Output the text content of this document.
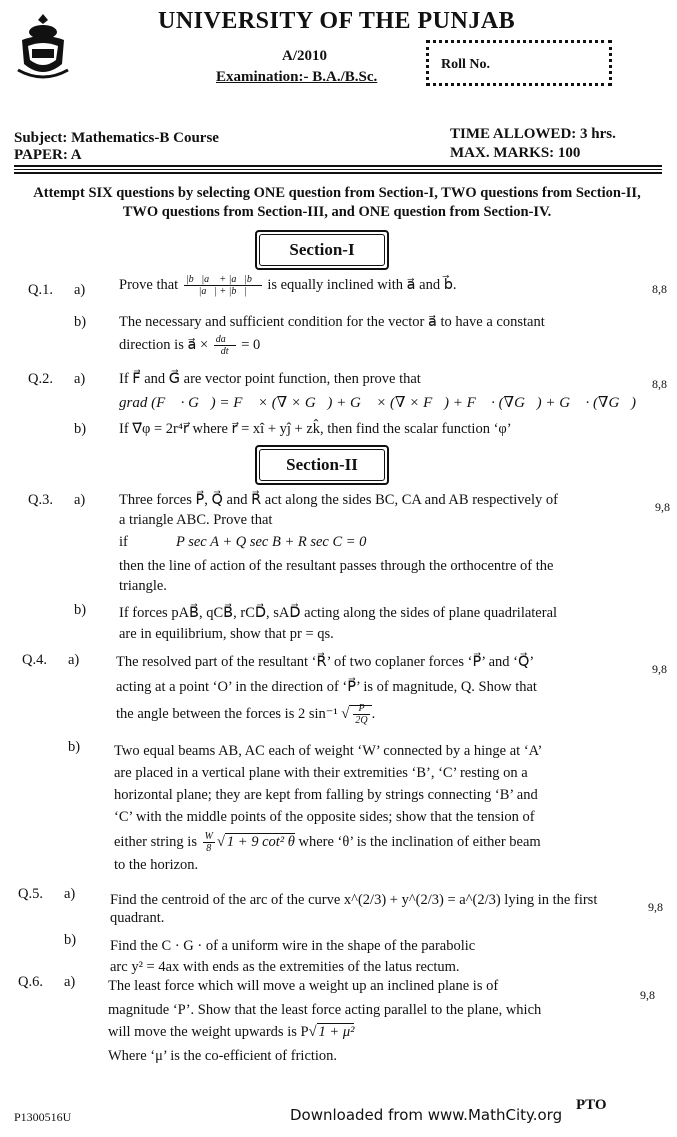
UNIVERSITY OF THE PUNJAB
A/2010
Examination:- B.A./B.Sc.
Roll No.
Subject: Mathematics-B Course
PAPER: A
TIME ALLOWED: 3 hrs.
MAX. MARKS: 100
Attempt SIX questions by selecting ONE question from Section-I, TWO questions from Section-II, TWO questions from Section-III, and ONE question from Section-IV.
Section-I
Q.1. a) Prove that $\frac{|b⃗|a⃗ + |a⃗|b⃗}{|a⃗| + |b⃗|}$ is equally inclined with a⃗ and b⃗.	8,8
b) The necessary and sufficient condition for the vector a⃗ to have a constant
direction is a⃗ × $\frac{da⃗}{dt} = 0$
Q.2. a) If F⃗ and G⃗ are vector point function, then prove that
grad (F⃗ · G⃗) = F⃗ × (∇ × G⃗) + G⃗ × (∇ × F⃗) + F⃗ · (∇G⃗) + G⃗ · (∇G⃗)
8,8
b) If ∇⃗φ = 2r⁴r⃗ where r⃗ = xî + yĵ + zk̂, then find the scalar function ‘φ’
Section-II
Q.3. a) Three forces P⃗, Q⃗ and R⃗ act along the sides BC, CA and AB respectively of	9,8
a triangle ABC. Prove that
if	P sec A + Q sec B + R sec C = 0
then the line of action of the resultant passes through the orthocentre of the
triangle.
b) If forces pAB⃗, qCB⃗, rCD⃗, sAD⃗ acting along the sides of plane quadrilateral
are in equilibrium, show that pr = qs.
Q.4. a)	The resolved part of the resultant ‘R⃗’ of two coplaner forces ‘P⃗’ and ‘Q⃗’	9,8
acting at a point ‘O’ in the direction of ‘P⃗’ is of magnitude, Q. Show that
the angle between the forces is 2 sin⁻¹ √ $\frac{P}{2Q}$ .
b) Two equal beams AB, AC each of weight ‘W’ connected by a hinge at ‘A’
are placed in a vertical plane with their extremities ‘B’, ‘C’ resting on a
horizontal plane; they are kept from falling by strings connecting ‘B’ and
‘C’ with the middle points of the opposite sides; show that the tension of
either string is $\frac{W}{8}$ √ 1 + 9 cot² θ where ‘θ’ is the inclination of either beam
to the horizon.
Q.5. a) Find the centroid of the arc of the curve x^(2/3) + y^(2/3) = a^(2/3) lying in the first	9,8
quadrant.
b) Find the C · G · of a uniform wire in the shape of the parabolic
arc y² = 4ax with ends as the extremities of the latus rectum.
Q.6. a) The least force which will move a weight up an inclined plane is of
9,8
magnitude ‘P’. Show that the least force acting parallel to the plane, which
will move the weight upwards is P√ 1 + μ²
Where ‘μ’ is the co-efficient of friction.
P1300516U	Downloaded from www.MathCity.org
PTO
